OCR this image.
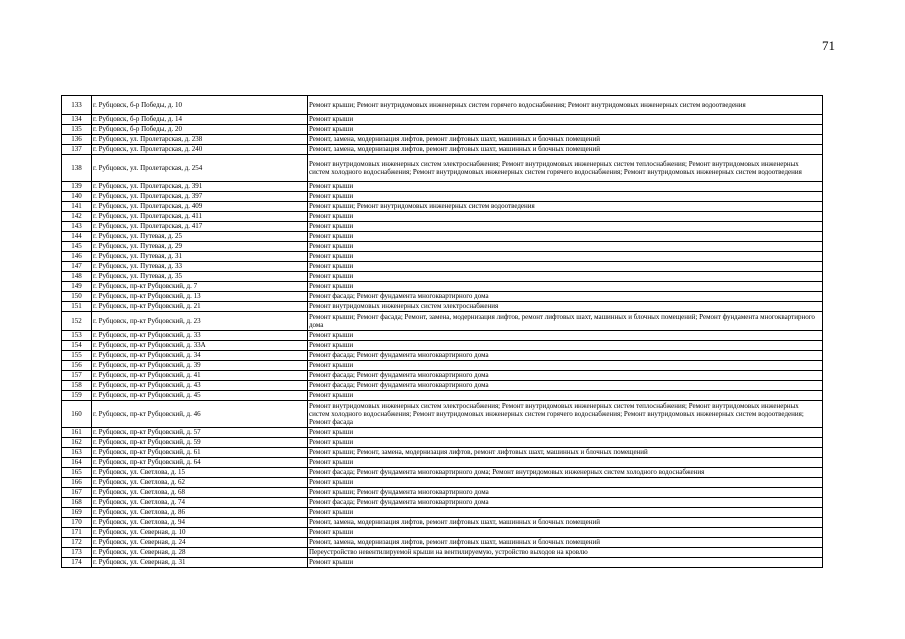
71
133	г. Рубцовск, б-р Победы, д. 10	Ремонт крыши; Ремонт внутридомовых инженерных систем горячего водоснабжения; Ремонт внутридомовых инженерных систем водоотведения
134	г. Рубцовск, б-р Победы, д. 14	Ремонт крыши
135	г. Рубцовск, б-р Победы, д. 20	Ремонт крыши
136	г. Рубцовск, ул. Пролетарская, д. 238	Ремонт, замена, модернизация лифтов, ремонт лифтовых шахт, машинных и блочных помещений
137	г. Рубцовск, ул. Пролетарская, д. 240	Ремонт, замена, модернизация лифтов, ремонт лифтовых шахт, машинных и блочных помещений
138	г. Рубцовск, ул. Пролетарская, д. 254	Ремонт внутридомовых инженерных систем электроснабжения; Ремонт внутридомовых инженерных систем теплоснабжения; Ремонт внутридомовых инженерных систем холодного водоснабжения; Ремонт внутридомовых инженерных систем горячего водоснабжения; Ремонт внутридомовых инженерных систем водоотведения
139	г. Рубцовск, ул. Пролетарская, д. 391	Ремонт крыши
140	г. Рубцовск, ул. Пролетарская, д. 397	Ремонт крыши
141	г. Рубцовск, ул. Пролетарская, д. 409	Ремонт крыши; Ремонт внутридомовых инженерных систем водоотведения
142	г. Рубцовск, ул. Пролетарская, д. 411	Ремонт крыши
143	г. Рубцовск, ул. Пролетарская, д. 417	Ремонт крыши
144	г. Рубцовск, ул. Путевая, д. 25	Ремонт крыши
145	г. Рубцовск, ул. Путевая, д. 29	Ремонт крыши
146	г. Рубцовск, ул. Путевая, д. 31	Ремонт крыши
147	г. Рубцовск, ул. Путевая, д. 33	Ремонт крыши
148	г. Рубцовск, ул. Путевая, д. 35	Ремонт крыши
149	г. Рубцовск, пр-кт Рубцовский, д. 7	Ремонт крыши
150	г. Рубцовск, пр-кт Рубцовский, д. 13	Ремонт фасада; Ремонт фундамента многоквартирного дома
151	г. Рубцовск, пр-кт Рубцовский, д. 21	Ремонт внутридомовых инженерных систем электроснабжения
152	г. Рубцовск, пр-кт Рубцовский, д. 23	Ремонт крыши; Ремонт фасада; Ремонт, замена, модернизация лифтов, ремонт лифтовых шахт, машинных и блочных помещений; Ремонт фундамента многоквартирного дома
153	г. Рубцовск, пр-кт Рубцовский, д. 33	Ремонт крыши
154	г. Рубцовск, пр-кт Рубцовский, д. 33А	Ремонт крыши
155	г. Рубцовск, пр-кт Рубцовский, д. 34	Ремонт фасада; Ремонт фундамента многоквартирного дома
156	г. Рубцовск, пр-кт Рубцовский, д. 39	Ремонт крыши
157	г. Рубцовск, пр-кт Рубцовский, д. 41	Ремонт фасада; Ремонт фундамента многоквартирного дома
158	г. Рубцовск, пр-кт Рубцовский, д. 43	Ремонт фасада; Ремонт фундамента многоквартирного дома
159	г. Рубцовск, пр-кт Рубцовский, д. 45	Ремонт крыши
160	г. Рубцовск, пр-кт Рубцовский, д. 46	Ремонт внутридомовых инженерных систем электроснабжения; Ремонт внутридомовых инженерных систем теплоснабжения; Ремонт внутридомовых инженерных систем холодного водоснабжения; Ремонт внутридомовых инженерных систем горячего водоснабжения; Ремонт внутридомовых инженерных систем водоотведения; Ремонт фасада
161	г. Рубцовск, пр-кт Рубцовский, д. 57	Ремонт крыши
162	г. Рубцовск, пр-кт Рубцовский, д. 59	Ремонт крыши
163	г. Рубцовск, пр-кт Рубцовский, д. 61	Ремонт крыши; Ремонт, замена, модернизация лифтов, ремонт лифтовых шахт, машинных и блочных помещений
164	г. Рубцовск, пр-кт Рубцовский, д. 64	Ремонт крыши
165	г. Рубцовск, ул. Светлова, д. 15	Ремонт фасада; Ремонт фундамента многоквартирного дома; Ремонт внутридомовых инженерных систем холодного водоснабжения
166	г. Рубцовск, ул. Светлова, д. 62	Ремонт крыши
167	г. Рубцовск, ул. Светлова, д. 68	Ремонт крыши; Ремонт фундамента многоквартирного дома
168	г. Рубцовск, ул. Светлова, д. 74	Ремонт фасада; Ремонт фундамента многоквартирного дома
169	г. Рубцовск, ул. Светлова, д. 86	Ремонт крыши
170	г. Рубцовск, ул. Светлова, д. 94	Ремонт, замена, модернизация лифтов, ремонт лифтовых шахт, машинных и блочных помещений
171	г. Рубцовск, ул. Северная, д. 10	Ремонт крыши
172	г. Рубцовск, ул. Северная, д. 24	Ремонт, замена, модернизация лифтов, ремонт лифтовых шахт, машинных и блочных помещений
173	г. Рубцовск, ул. Северная, д. 28	Переустройство невентилируемой крыши на вентилируемую, устройство выходов на кровлю
174	г. Рубцовск, ул. Северная, д. 31	Ремонт крыши
